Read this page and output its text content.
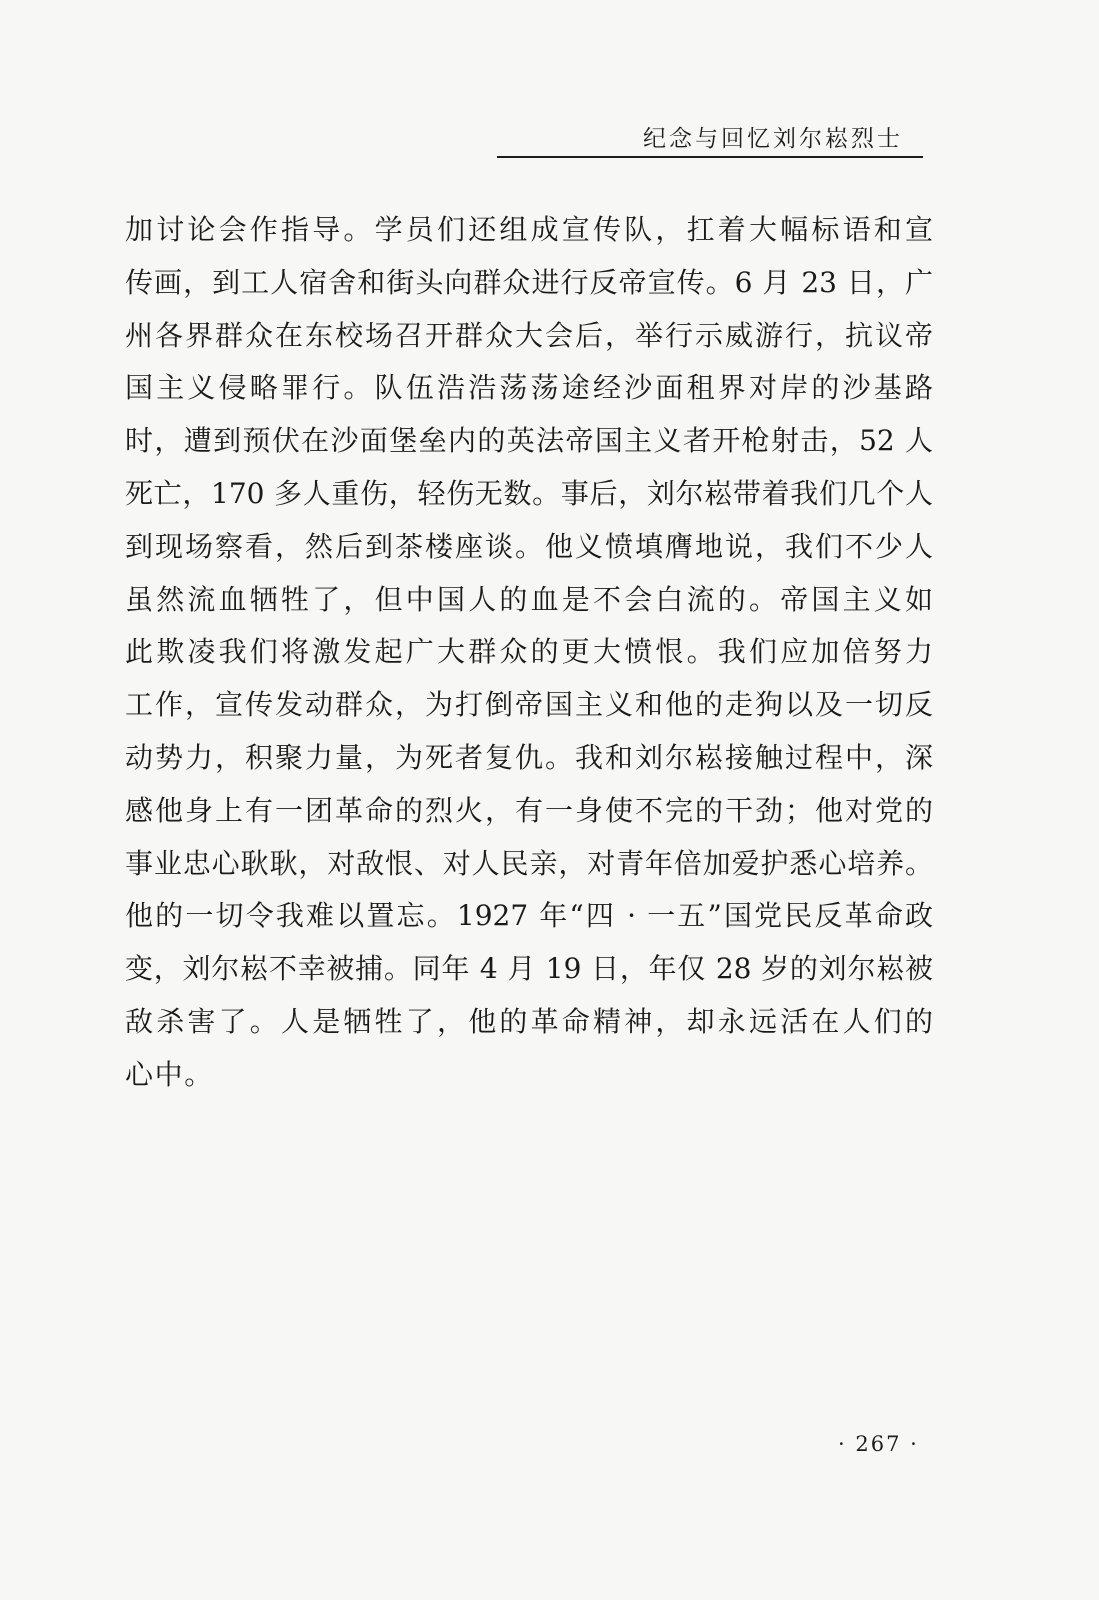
纪念与回忆刘尔崧烈士
加讨论会作指导。学员们还组成宣传队，扛着大幅标语和宣
传画，到工人宿舍和街头向群众进行反帝宣传。6 月 23 日，广
州各界群众在东校场召开群众大会后，举行示威游行，抗议帝
国主义侵略罪行。队伍浩浩荡荡途经沙面租界对岸的沙基路
时，遭到预伏在沙面堡垒内的英法帝国主义者开枪射击，52 人
死亡，170 多人重伤，轻伤无数。事后，刘尔崧带着我们几个人
到现场察看，然后到茶楼座谈。他义愤填膺地说，我们不少人
虽然流血牺牲了，但中国人的血是不会白流的。帝国主义如
此欺凌我们将激发起广大群众的更大愤恨。我们应加倍努力
工作，宣传发动群众，为打倒帝国主义和他的走狗以及一切反
动势力，积聚力量，为死者复仇。我和刘尔崧接触过程中，深
感他身上有一团革命的烈火，有一身使不完的干劲；他对党的
事业忠心耿耿，对敌恨、对人民亲，对青年倍加爱护悉心培养。
他的一切令我难以置忘。1927 年“四 · 一五”国党民反革命政
变，刘尔崧不幸被捕。同年 4 月 19 日，年仅 28 岁的刘尔崧被
敌杀害了。人是牺牲了，他的革命精神，却永远活在人们的
心中。
· 267 ·
